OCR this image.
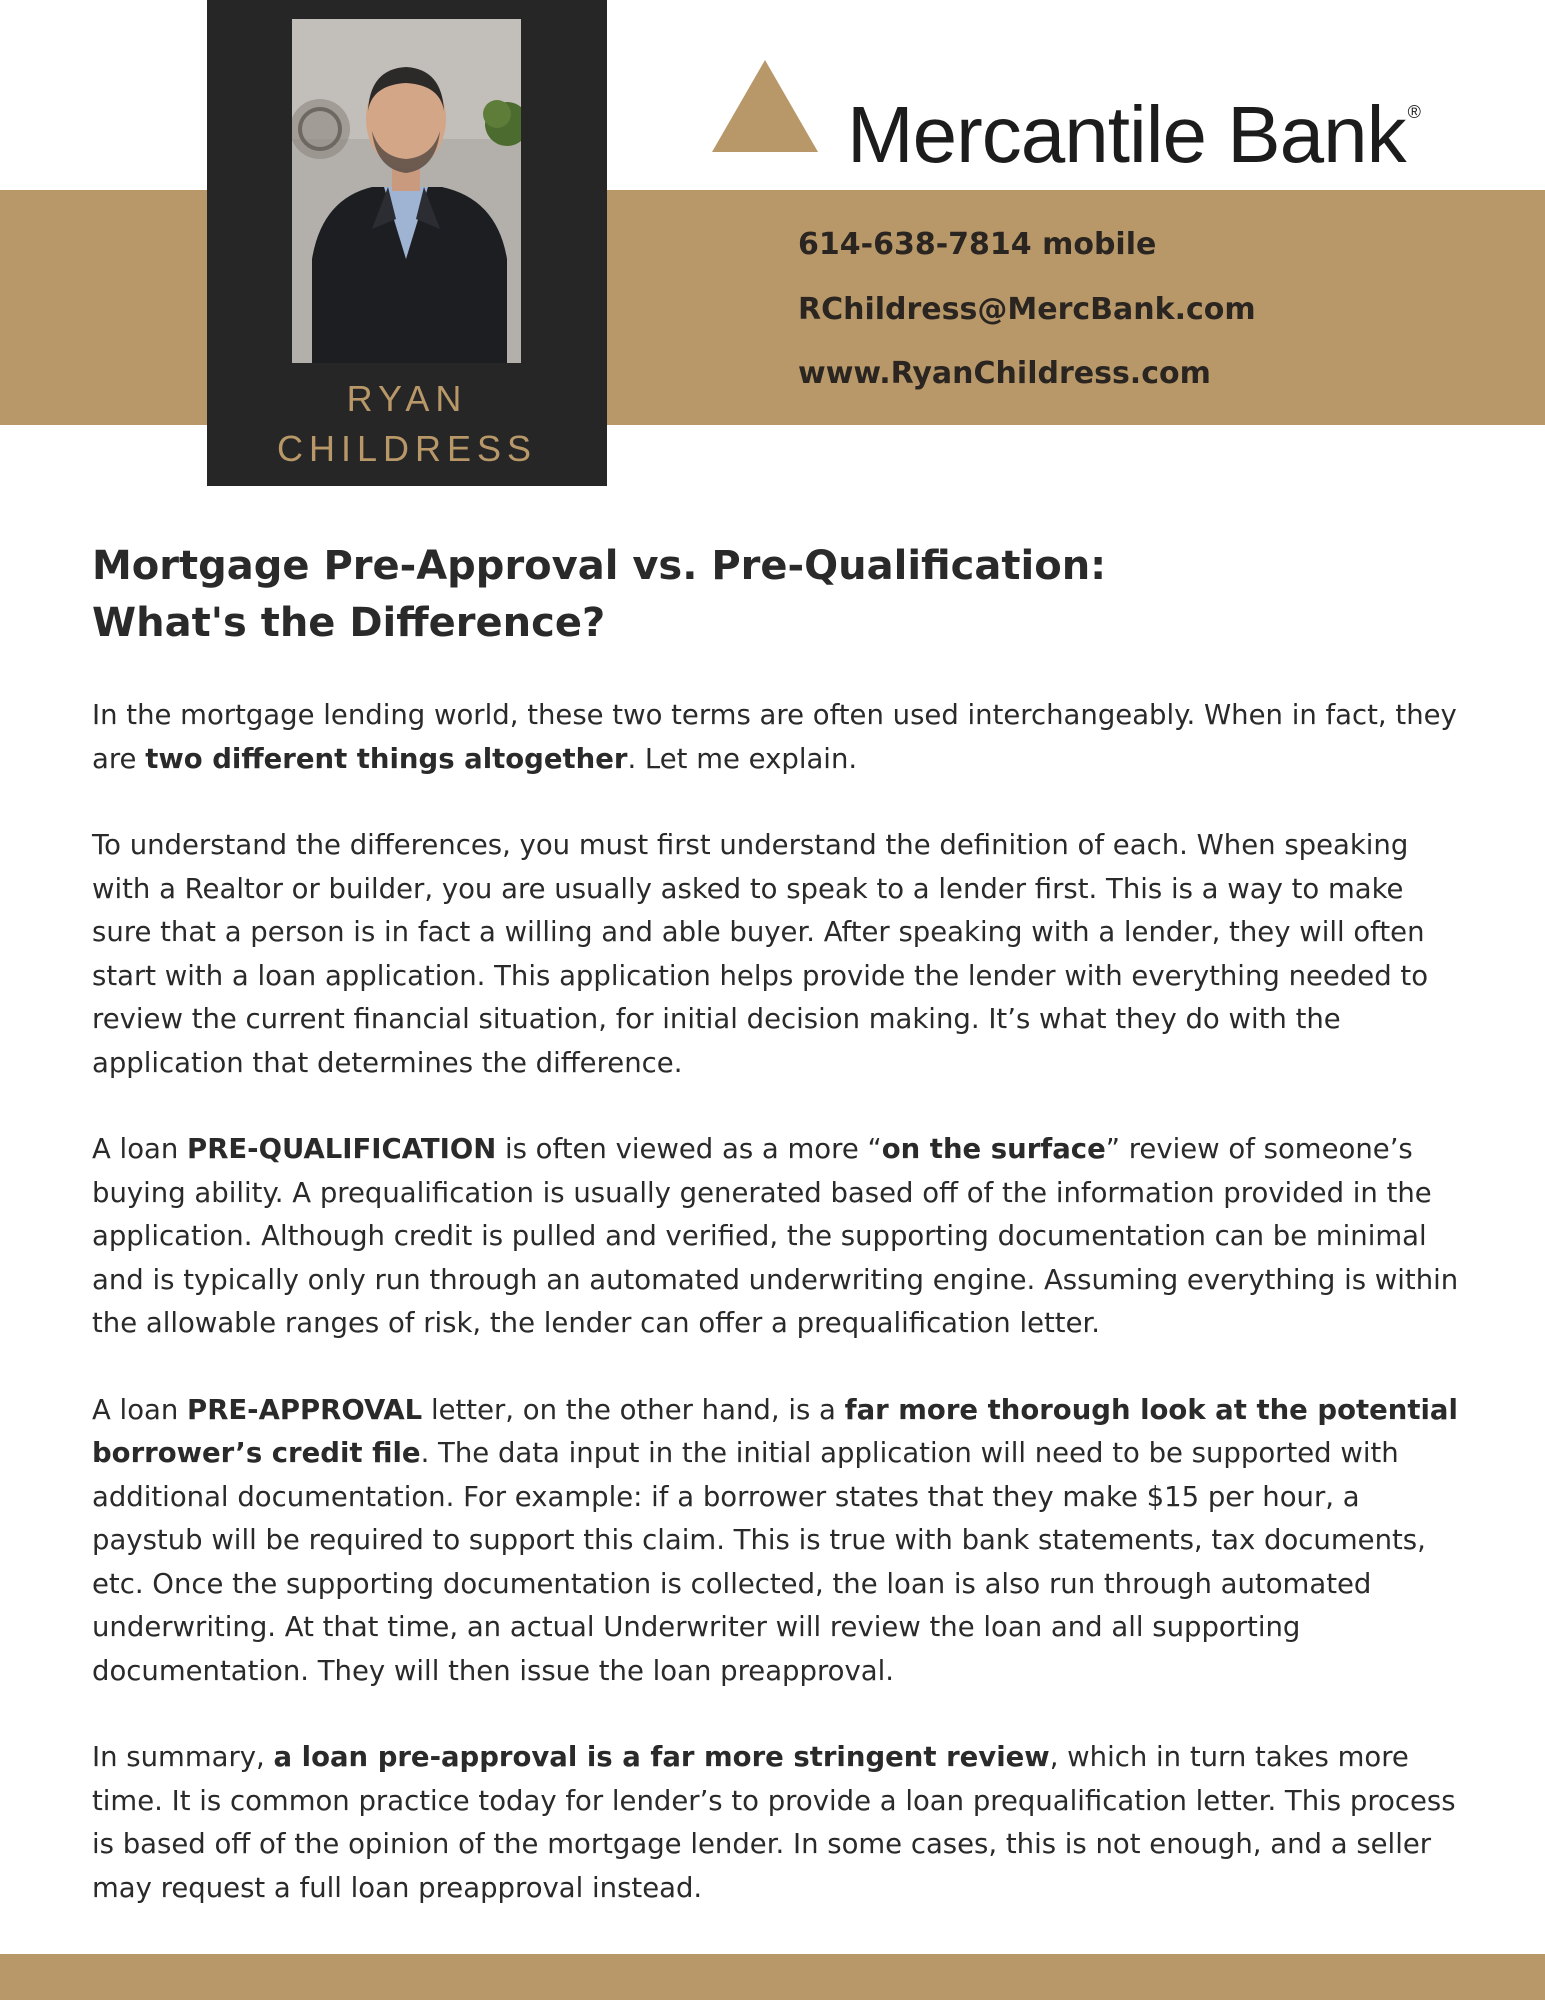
RYAN
CHILDRESS
Mercantile Bank ®
614-638-7814 mobile
RChildress@MercBank.com
www.RyanChildress.com
Mortgage Pre-Approval vs. Pre-Qualification:
What's the Difference?

In the mortgage lending world, these two terms are often used interchangeably. When in fact, they are two different things altogether. Let me explain.

To understand the differences, you must first understand the definition of each. When speaking with a Realtor or builder, you are usually asked to speak to a lender first. This is a way to make sure that a person is in fact a willing and able buyer. After speaking with a lender, they will often start with a loan application. This application helps provide the lender with everything needed to review the current financial situation, for initial decision making. It’s what they do with the application that determines the difference.

A loan PRE-QUALIFICATION is often viewed as a more “on the surface” review of someone’s buying ability. A prequalification is usually generated based off of the information provided in the application. Although credit is pulled and verified, the supporting documentation can be minimal and is typically only run through an automated underwriting engine. Assuming everything is within the allowable ranges of risk, the lender can offer a prequalification letter.

A loan PRE-APPROVAL letter, on the other hand, is a far more thorough look at the potential borrower’s credit file. The data input in the initial application will need to be supported with additional documentation. For example: if a borrower states that they make $15 per hour, a paystub will be required to support this claim. This is true with bank statements, tax documents, etc. Once the supporting documentation is collected, the loan is also run through automated underwriting. At that time, an actual Underwriter will review the loan and all supporting documentation. They will then issue the loan preapproval.

In summary, a loan pre-approval is a far more stringent review, which in turn takes more time. It is common practice today for lender’s to provide a loan prequalification letter. This process is based off of the opinion of the mortgage lender. In some cases, this is not enough, and a seller may request a full loan preapproval instead.
